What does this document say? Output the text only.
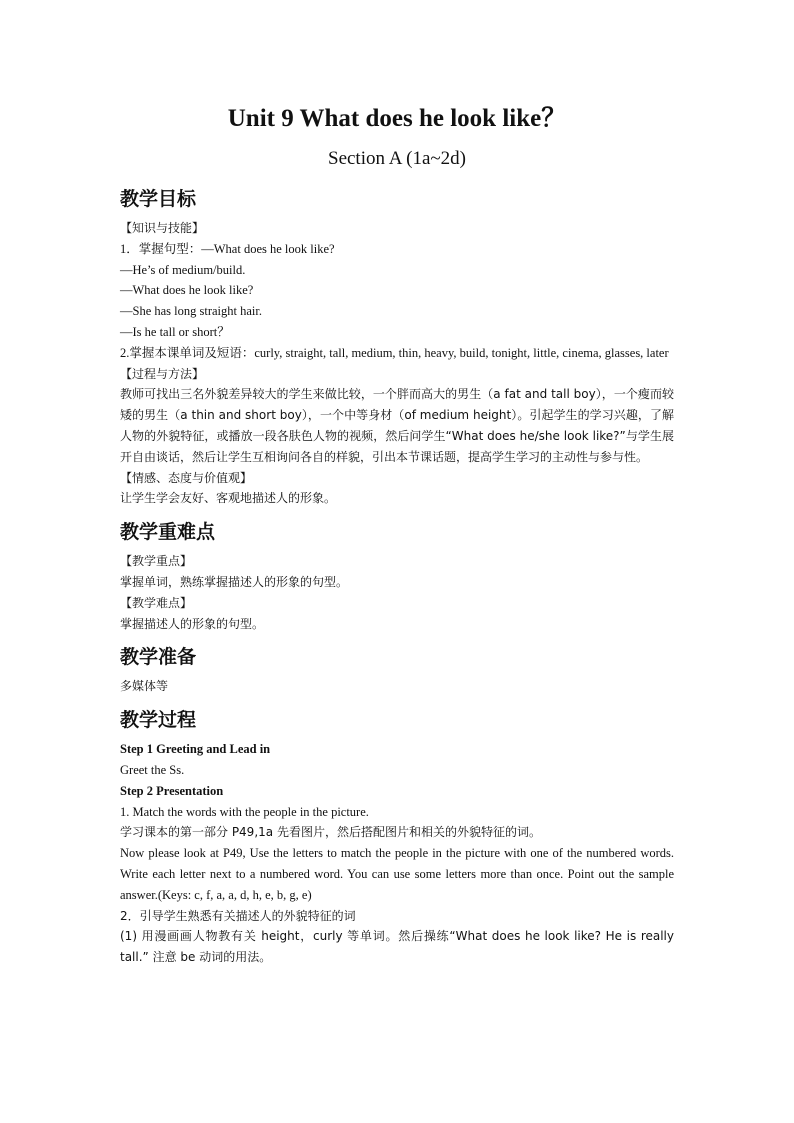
Unit 9 What does he look like？

Section A (1a~2d)

教学目标

【知识与技能】

1．掌握句型：—What does he look like?

—He’s of medium/build.

—What does he look like?

—She has long straight hair.

—Is he tall or short？

2.掌握本课单词及短语：curly, straight, tall, medium, thin, heavy, build, tonight, little, cinema, glasses, later

【过程与方法】

教师可找出三名外貌差异较大的学生来做比较，一个胖而高大的男生（a fat and tall boy），一个瘦而较矮的男生（a thin and short boy），一个中等身材（of medium height）。引起学生的学习兴趣，了解人物的外貌特征，或播放一段各肤色人物的视频，然后问学生“What does he/she look like?”与学生展开自由谈话，然后让学生互相询问各自的样貌，引出本节课话题，提高学生学习的主动性与参与性。

【情感、态度与价值观】

让学生学会友好、客观地描述人的形象。

教学重难点

【教学重点】

掌握单词，熟练掌握描述人的形象的句型。

【教学难点】

掌握描述人的形象的句型。

教学准备

多媒体等

教学过程

Step 1 Greeting and Lead in

Greet the Ss.

Step 2 Presentation

1. Match the words with the people in the picture.

学习课本的第一部分 P49,1a 先看图片，然后搭配图片和相关的外貌特征的词。

Now please look at P49, Use the letters to match the people in the picture with one of the numbered words. Write each letter next to a numbered word. You can use some letters more than once. Point out the sample answer.(Keys: c, f, a, a, d, h, e, b, g, e)

2．引导学生熟悉有关描述人的外貌特征的词

(1) 用漫画画人物教有关 height，curly 等单词。然后操练“What does he look like? He is really tall.” 注意 be 动词的用法。
